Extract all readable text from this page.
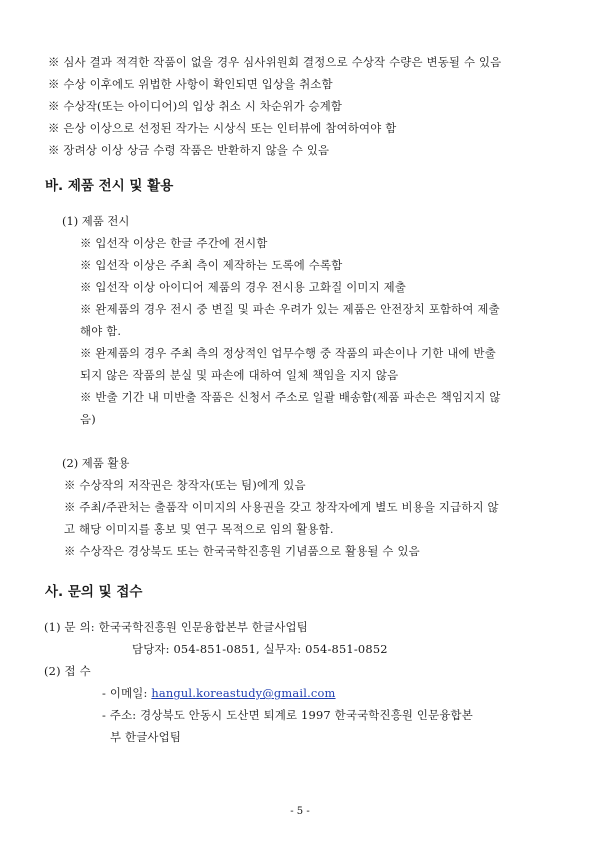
※ 심사 결과 적격한 작품이 없을 경우 심사위원회 결정으로 수상작 수량은 변동될 수 있음
※ 수상 이후에도 위법한 사항이 확인되면 입상을 취소함
※ 수상작(또는 아이디어)의 입상 취소 시 차순위가 승계함
※ 은상 이상으로 선정된 작가는 시상식 또는 인터뷰에 참여하여야 함
※ 장려상 이상 상금 수령 작품은 반환하지 않을 수 있음
바. 제품 전시 및 활용
(1) 제품 전시
※ 입선작 이상은 한글 주간에 전시함
※ 입선작 이상은 주최 측이 제작하는 도록에 수록함
※ 입선작 이상 아이디어 제품의 경우 전시용 고화질 이미지 제출
※ 완제품의 경우 전시 중 변질 및 파손 우려가 있는 제품은 안전장치 포함하여 제출
해야 함.
※ 완제품의 경우 주최 측의 정상적인 업무수행 중 작품의 파손이나 기한 내에 반출
되지 않은 작품의 분실 및 파손에 대하여 일체 책임을 지지 않음
※ 반출 기간 내 미반출 작품은 신청서 주소로 일괄 배송함(제품 파손은 책임지지 않
음)
(2) 제품 활용
※ 수상작의 저작권은 창작자(또는 팀)에게 있음
※ 주최/주관처는 출품작 이미지의 사용권을 갖고 창작자에게 별도 비용을 지급하지 않
고 해당 이미지를 홍보 및 연구 목적으로 임의 활용함.
※ 수상작은 경상북도 또는 한국국학진흥원 기념품으로 활용될 수 있음
사. 문의 및 접수
(1) 문 의: 한국국학진흥원 인문융합본부 한글사업팀
담당자: 054-851-0851, 실무자: 054-851-0852
(2) 접 수
- 이메일: hangul.koreastudy@gmail.com
- 주소: 경상북도 안동시 도산면 퇴계로 1997 한국국학진흥원 인문융합본
부 한글사업팀
- 5 -
